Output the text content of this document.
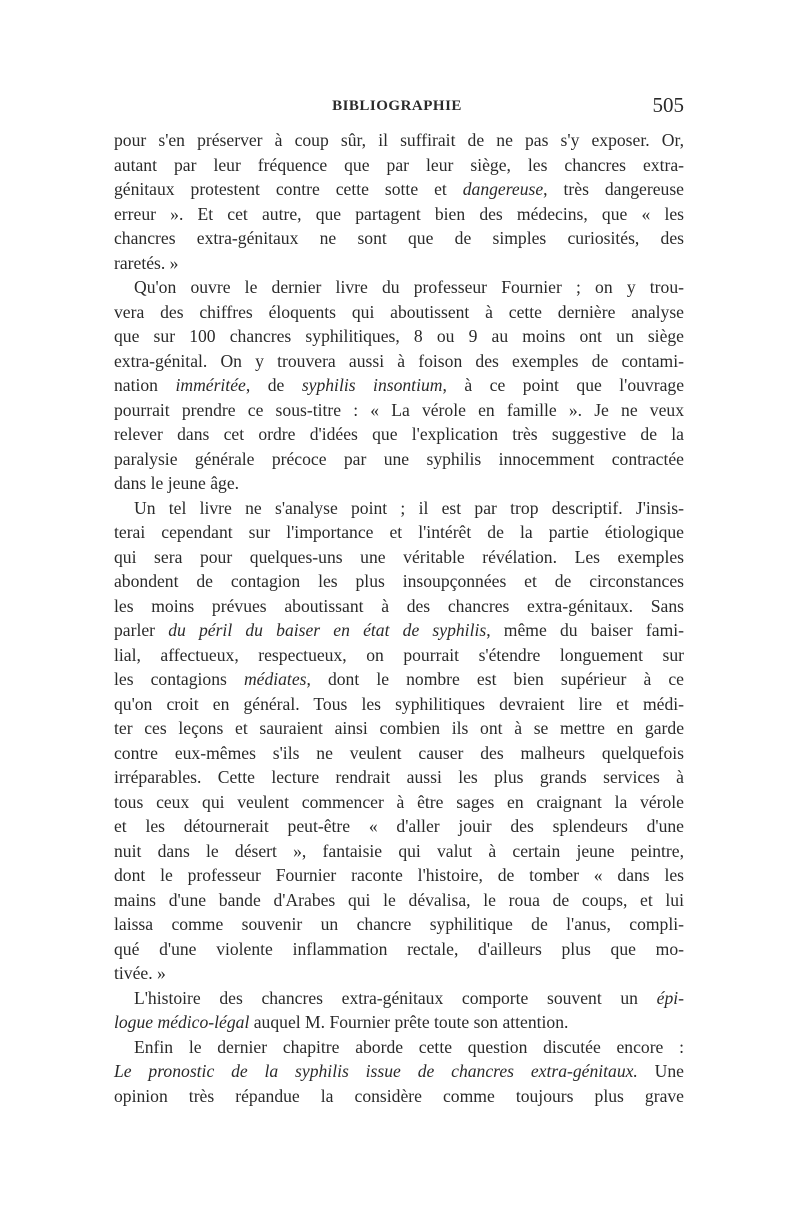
BIBLIOGRAPHIE	505
pour s'en préserver à coup sûr, il suffirait de ne pas s'y exposer. Or,
autant par leur fréquence que par leur siège, les chancres extra-
génitaux protestent contre cette sotte et dangereuse, très dangereuse
erreur ». Et cet autre, que partagent bien des médecins, que « les
chancres extra-génitaux ne sont que de simples curiosités, des
raretés. »
Qu'on ouvre le dernier livre du professeur Fournier ; on y trou-
vera des chiffres éloquents qui aboutissent à cette dernière analyse
que sur 100 chancres syphilitiques, 8 ou 9 au moins ont un siège
extra-génital. On y trouvera aussi à foison des exemples de contami-
nation imméritée, de syphilis insontium, à ce point que l'ouvrage
pourrait prendre ce sous-titre : « La vérole en famille ». Je ne veux
relever dans cet ordre d'idées que l'explication très suggestive de la
paralysie générale précoce par une syphilis innocemment contractée
dans le jeune âge.
Un tel livre ne s'analyse point ; il est par trop descriptif. J'insis-
terai cependant sur l'importance et l'intérêt de la partie étiologique
qui sera pour quelques-uns une véritable révélation. Les exemples
abondent de contagion les plus insoupçonnées et de circonstances
les moins prévues aboutissant à des chancres extra-génitaux. Sans
parler du péril du baiser en état de syphilis, même du baiser fami-
lial, affectueux, respectueux, on pourrait s'étendre longuement sur
les contagions médiates, dont le nombre est bien supérieur à ce
qu'on croit en général. Tous les syphilitiques devraient lire et médi-
ter ces leçons et sauraient ainsi combien ils ont à se mettre en garde
contre eux-mêmes s'ils ne veulent causer des malheurs quelquefois
irréparables. Cette lecture rendrait aussi les plus grands services à
tous ceux qui veulent commencer à être sages en craignant la vérole
et les détournerait peut-être « d'aller jouir des splendeurs d'une
nuit dans le désert », fantaisie qui valut à certain jeune peintre,
dont le professeur Fournier raconte l'histoire, de tomber « dans les
mains d'une bande d'Arabes qui le dévalisa, le roua de coups, et lui
laissa comme souvenir un chancre syphilitique de l'anus, compli-
qué d'une violente inflammation rectale, d'ailleurs plus que mo-
tivée. »
L'histoire des chancres extra-génitaux comporte souvent un épi-
logue médico-légal auquel M. Fournier prête toute son attention.
Enfin le dernier chapitre aborde cette question discutée encore :
Le pronostic de la syphilis issue de chancres extra-génitaux. Une
opinion très répandue la considère comme toujours plus grave
